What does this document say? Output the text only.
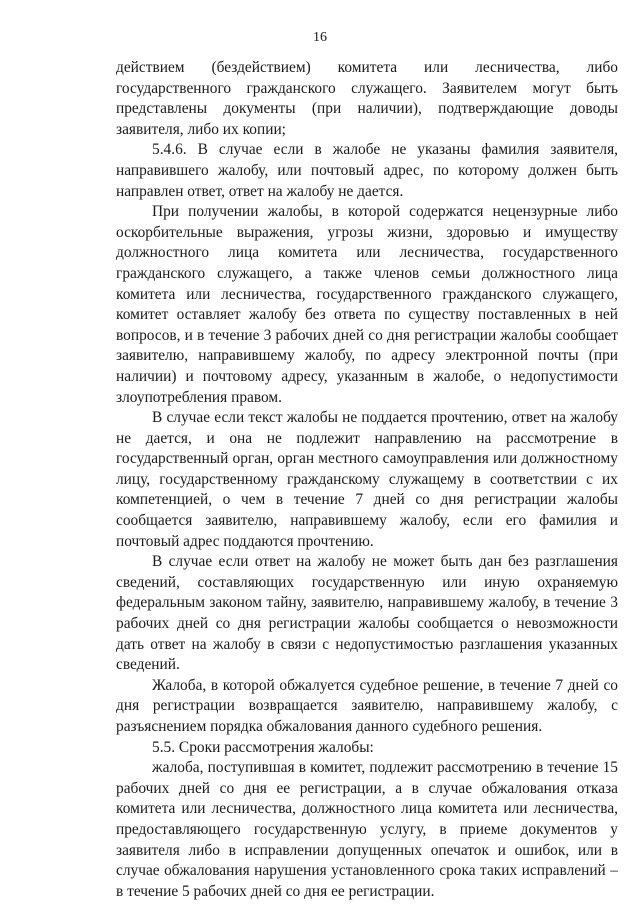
16

действием (бездействием) комитета или лесничества, либо государственного гражданского служащего. Заявителем могут быть представлены документы (при наличии), подтверждающие доводы заявителя, либо их копии;

5.4.6. В случае если в жалобе не указаны фамилия заявителя, направившего жалобу, или почтовый адрес, по которому должен быть направлен ответ, ответ на жалобу не дается.

При получении жалобы, в которой содержатся нецензурные либо оскорбительные выражения, угрозы жизни, здоровью и имуществу должностного лица комитета или лесничества, государственного гражданского служащего, а также членов семьи должностного лица комитета или лесничества, государственного гражданского служащего, комитет оставляет жалобу без ответа по существу поставленных в ней вопросов, и в течение 3 рабочих дней со дня регистрации жалобы сообщает заявителю, направившему жалобу, по адресу электронной почты (при наличии) и почтовому адресу, указанным в жалобе, о недопустимости злоупотребления правом.

В случае если текст жалобы не поддается прочтению, ответ на жалобу не дается, и она не подлежит направлению на рассмотрение в государственный орган, орган местного самоуправления или должностному лицу, государственному гражданскому служащему в соответствии с их компетенцией, о чем в течение 7 дней со дня регистрации жалобы сообщается заявителю, направившему жалобу, если его фамилия и почтовый адрес поддаются прочтению.

В случае если ответ на жалобу не может быть дан без разглашения сведений, составляющих государственную или иную охраняемую федеральным законом тайну, заявителю, направившему жалобу, в течение 3 рабочих дней со дня регистрации жалобы сообщается о невозможности дать ответ на жалобу в связи с недопустимостью разглашения указанных сведений.

Жалоба, в которой обжалуется судебное решение, в течение 7 дней со дня регистрации возвращается заявителю, направившему жалобу, с разъяснением порядка обжалования данного судебного решения.

5.5. Сроки рассмотрения жалобы:

жалоба, поступившая в комитет, подлежит рассмотрению в течение 15 рабочих дней со дня ее регистрации, а в случае обжалования отказа комитета или лесничества, должностного лица комитета или лесничества, предоставляющего государственную услугу, в приеме документов у заявителя либо в исправлении допущенных опечаток и ошибок, или в случае обжалования нарушения установленного срока таких исправлений – в течение 5 рабочих дней со дня ее регистрации.
